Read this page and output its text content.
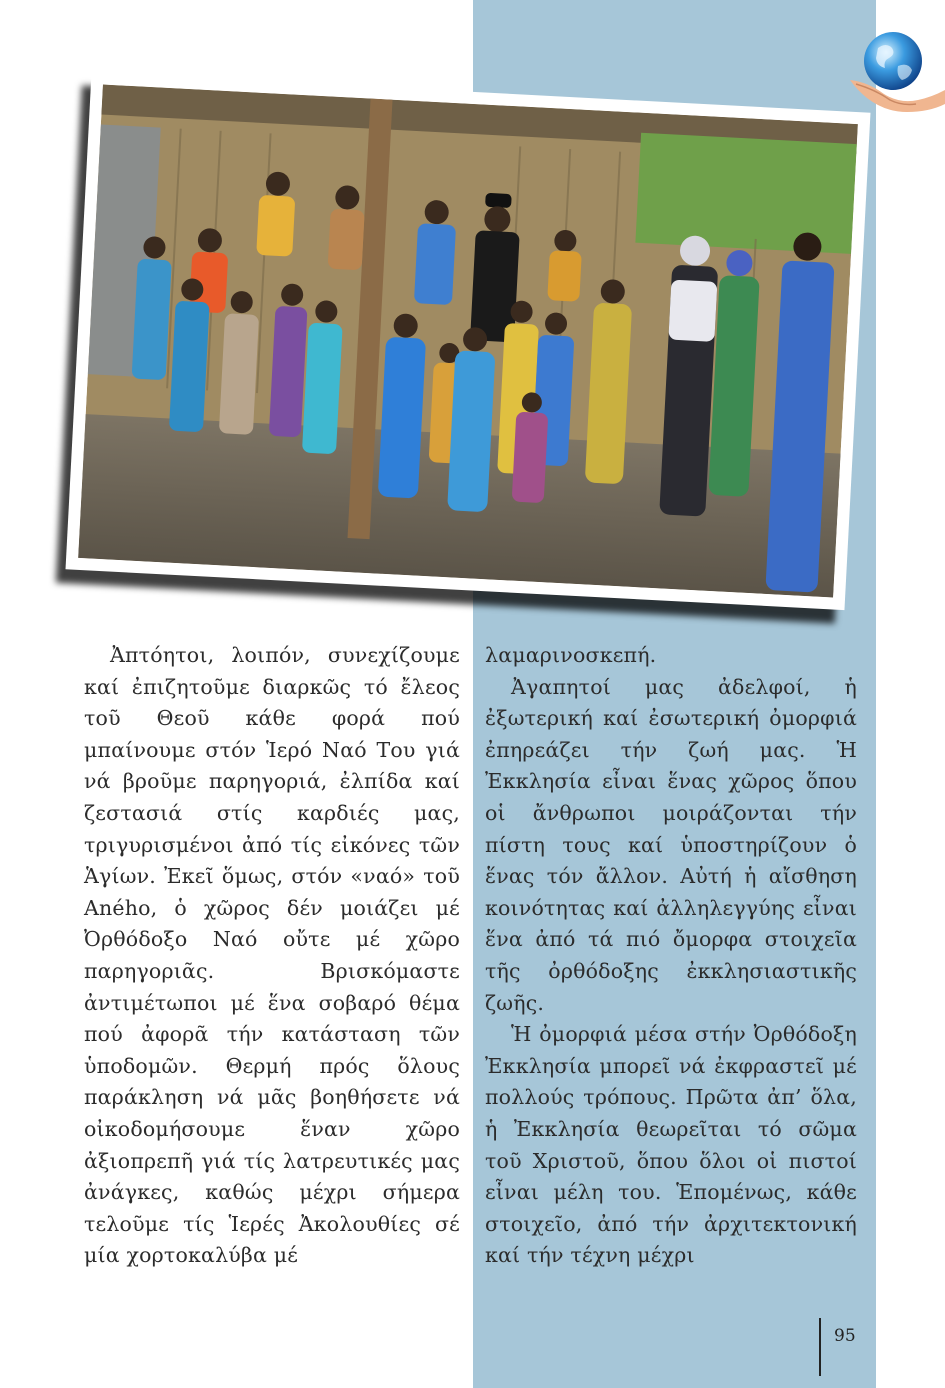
Ἀπτόητοι, λοιπόν, συνεχίζουμε καί ἐπιζητοῦμε διαρκῶς τό ἔλεος τοῦ Θεοῦ κάθε φορά πού μπαίνουμε στόν Ἱερό Ναό Του γιά νά βροῦμε παρηγοριά, ἐλπίδα καί ζεστασιά στίς καρδιές μας, τριγυρισμένοι ἀπό τίς εἰκόνες τῶν Ἁγίων. Ἐκεῖ ὅμως, στόν «ναό» τοῦ Aného, ὁ χῶρος δέν μοιάζει μέ Ὀρθόδοξο Ναό οὔτε μέ χῶρο παρηγοριᾶς. Βρισκόμαστε ἀντιμέτωποι μέ ἕνα σοβαρό θέμα πού ἀφορᾶ τήν κατάσταση τῶν ὑποδομῶν. Θερμή πρός ὅλους παράκληση νά μᾶς βοηθήσετε νά οἰκοδομήσουμε ἕναν χῶρο ἀξιοπρεπῆ γιά τίς λατρευτικές μας ἀνάγκες, καθώς μέχρι σήμερα τελοῦμε τίς Ἱερές Ἀκολουθίες σέ μία χορτοκαλύβα μέ

λαμαρινοσκεπή.

Ἀγαπητοί μας ἀδελφοί, ἡ ἐξωτερική καί ἐσωτερική ὀμορφιά ἐπηρεάζει τήν ζωή μας. Ἡ Ἐκκλησία εἶναι ἕνας χῶρος ὅπου οἱ ἄνθρωποι μοιράζονται τήν πίστη τους καί ὑποστηρίζουν ὁ ἕνας τόν ἄλλον. Αὐτή ἡ αἴσθηση κοινότητας καί ἀλληλεγγύης εἶναι ἕνα ἀπό τά πιό ὄμορφα στοιχεῖα τῆς ὀρθόδοξης ἐκκλησιαστικῆς ζωῆς.

Ἡ ὀμορφιά μέσα στήν Ὀρθόδοξη Ἐκκλησία μπορεῖ νά ἐκφραστεῖ μέ πολλούς τρόπους. Πρῶτα ἀπ’ ὅλα, ἡ Ἐκκλησία θεωρεῖται τό σῶμα τοῦ Χριστοῦ, ὅπου ὅλοι οἱ πιστοί εἶναι μέλη του. Ἑπομένως, κάθε στοιχεῖο, ἀπό τήν ἀρχιτεκτονική καί τήν τέχνη μέχρι

95
